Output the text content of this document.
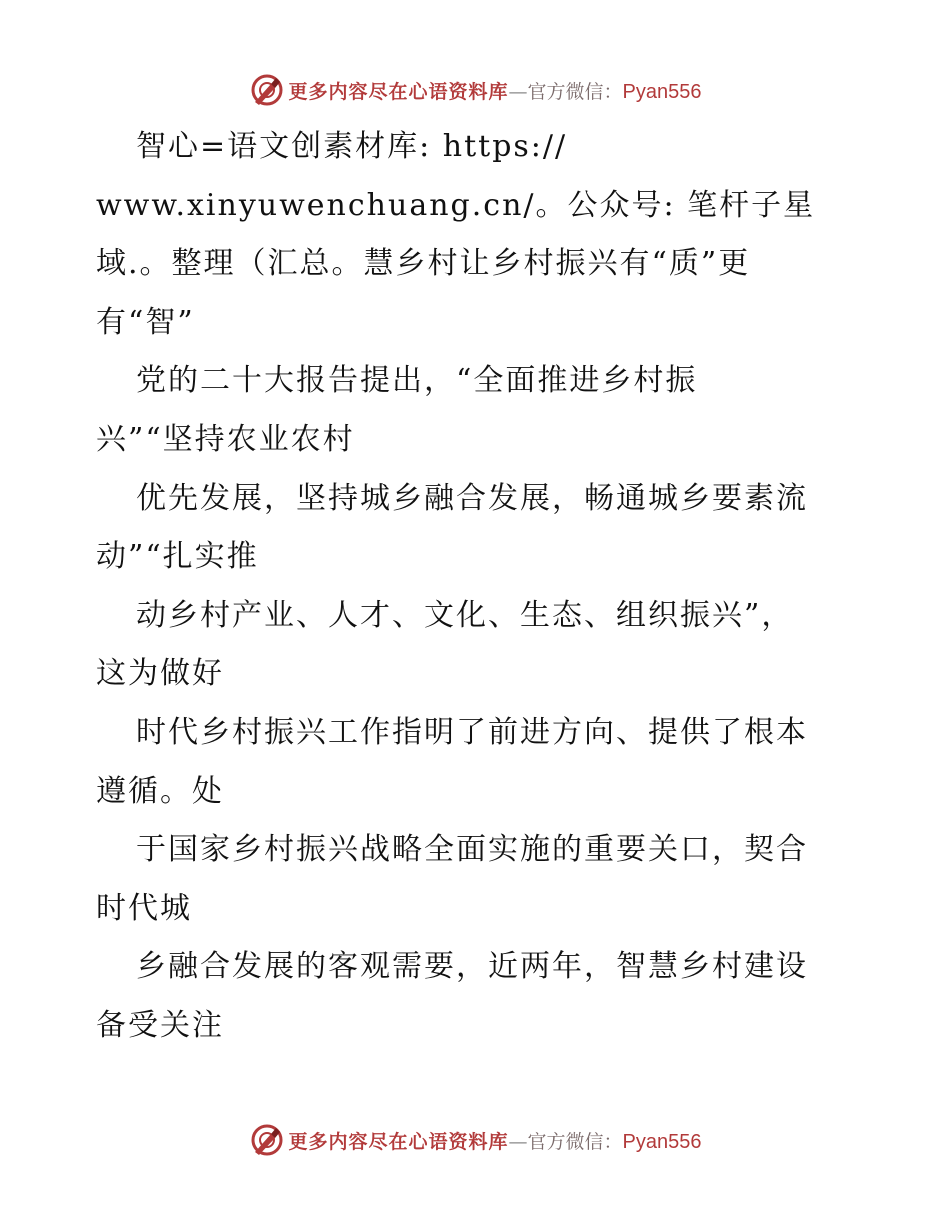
更多内容尽在心语资料库 — 官方微信： Pyan556
智心=语文创素材库: https://
www.xinyuwenchuang.cn/。公众号: 笔杆子星
域.。整理（汇总。慧乡村让乡村振兴有“质”更
有“智”
党的二十大报告提出，“全面推进乡村振
兴”“坚持农业农村
优先发展，坚持城乡融合发展，畅通城乡要素流
动”“扎实推
动乡村产业、人才、文化、生态、组织振兴”，
这为做好
时代乡村振兴工作指明了前进方向、提供了根本
遵循。处
于国家乡村振兴战略全面实施的重要关口，契合
时代城
乡融合发展的客观需要，近两年，智慧乡村建设
备受关注
更多内容尽在心语资料库 — 官方微信： Pyan556
